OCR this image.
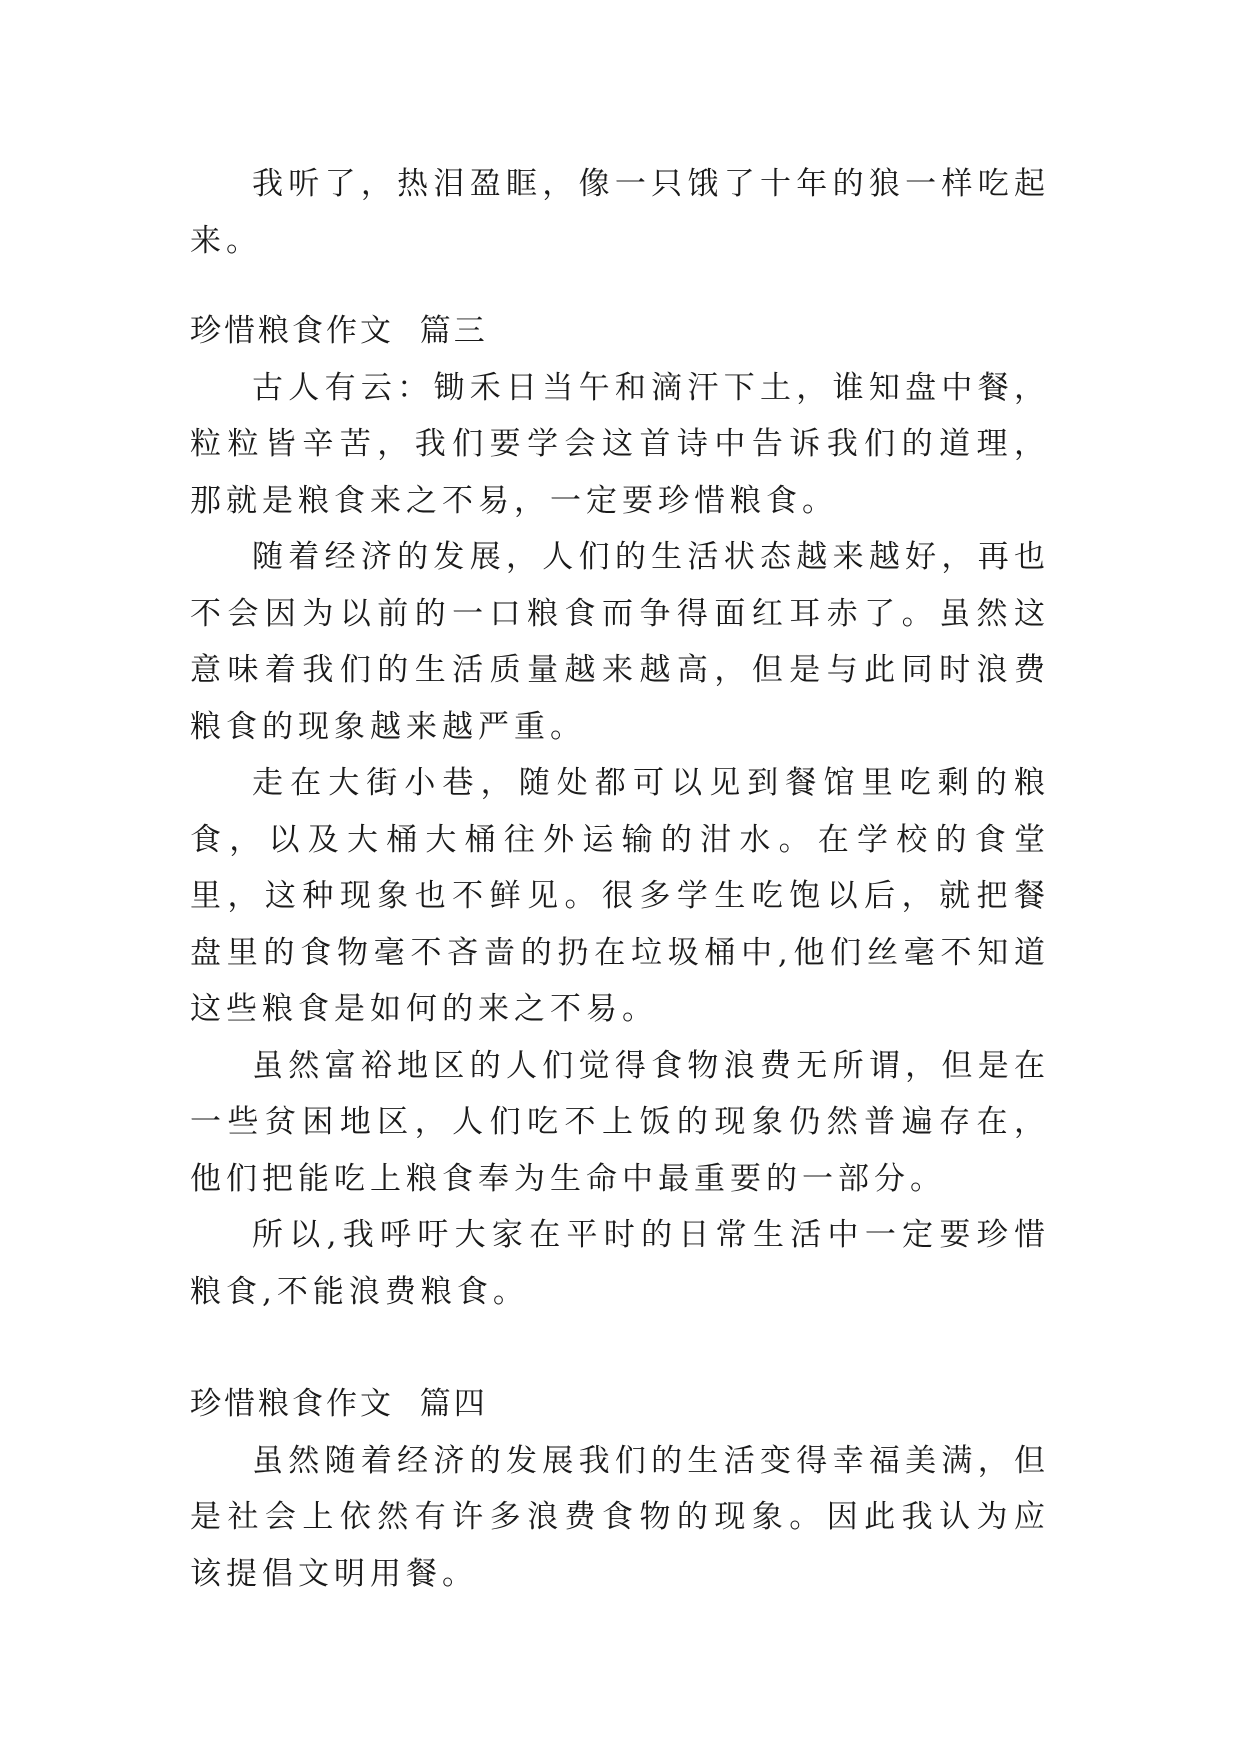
我听了，热泪盈眶，像一只饿了十年的狼一样吃起来。

珍惜粮食作文  篇三

古人有云：锄禾日当午和滴汗下土，谁知盘中餐，粒粒皆辛苦，我们要学会这首诗中告诉我们的道理，那就是粮食来之不易，一定要珍惜粮食。

随着经济的发展，人们的生活状态越来越好，再也不会因为以前的一口粮食而争得面红耳赤了。虽然这意味着我们的生活质量越来越高，但是与此同时浪费粮食的现象越来越严重。

走在大街小巷，随处都可以见到餐馆里吃剩的粮食，以及大桶大桶往外运输的泔水。在学校的食堂里，这种现象也不鲜见。很多学生吃饱以后，就把餐盘里的食物毫不吝啬的扔在垃圾桶中,他们丝毫不知道这些粮食是如何的来之不易。

虽然富裕地区的人们觉得食物浪费无所谓，但是在一些贫困地区，人们吃不上饭的现象仍然普遍存在，他们把能吃上粮食奉为生命中最重要的一部分。

所以,我呼吁大家在平时的日常生活中一定要珍惜粮食,不能浪费粮食。

珍惜粮食作文  篇四

虽然随着经济的发展我们的生活变得幸福美满，但是社会上依然有许多浪费食物的现象。因此我认为应该提倡文明用餐。
